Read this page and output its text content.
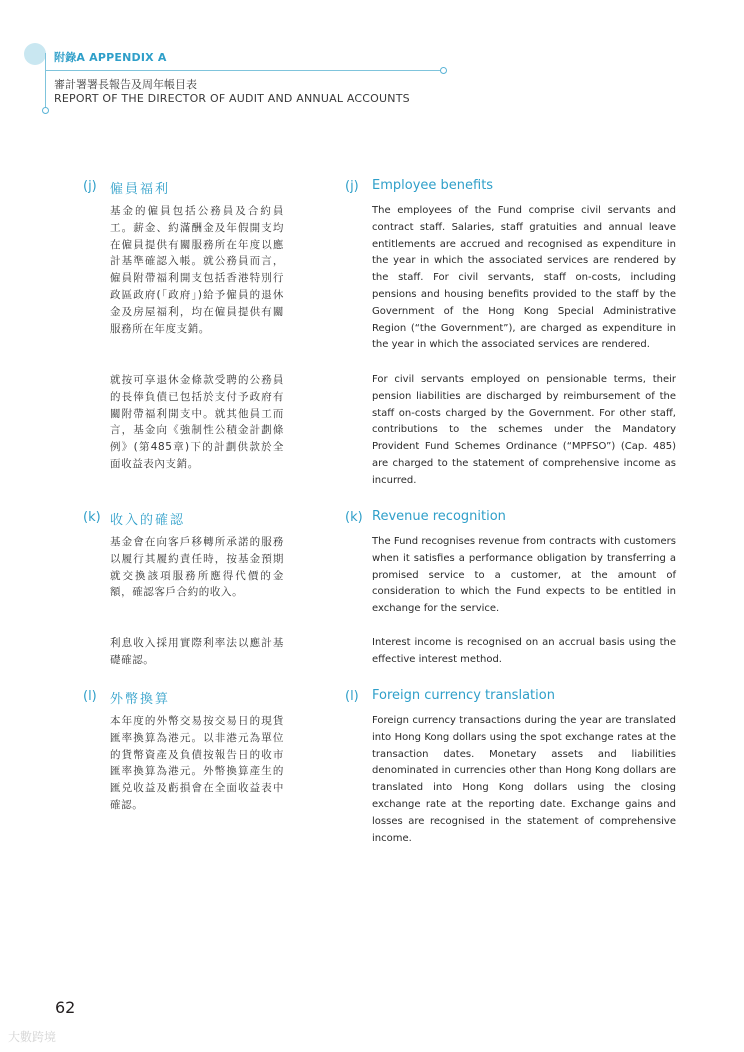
附錄A APPENDIX A
審計署署長報告及周年帳目表
REPORT OF THE DIRECTOR OF AUDIT AND ANNUAL ACCOUNTS
(j) 僱員福利	(j) Employee benefits
基金的僱員包括公務員及合約員工。薪金、約滿酬金及年假開支均在僱員提供有關服務所在年度以應計基準確認入帳。就公務員而言，僱員附帶福利開支包括香港特別行政區政府(「政府」)給予僱員的退休金及房屋福利，均在僱員提供有關服務所在年度支銷。
就按可享退休金條款受聘的公務員的長俸負債已包括於支付予政府有關附帶福利開支中。就其他員工而言，基金向《強制性公積金計劃條例》(第485章)下的計劃供款於全面收益表內支銷。
The employees of the Fund comprise civil servants and contract staff. Salaries, staff gratuities and annual leave entitlements are accrued and recognised as expenditure in the year in which the associated services are rendered by the staff. For civil servants, staff on-costs, including pensions and housing benefits provided to the staff by the Government of the Hong Kong Special Administrative Region (“the Government”), are charged as expenditure in the year in which the associated services are rendered.
For civil servants employed on pensionable terms, their pension liabilities are discharged by reimbursement of the staff on-costs charged by the Government. For other staff, contributions to the schemes under the Mandatory Provident Fund Schemes Ordinance (“MPFSO”) (Cap. 485) are charged to the statement of comprehensive income as incurred.
(k) 收入的確認	(k) Revenue recognition
基金會在向客戶移轉所承諾的服務以履行其履約責任時，按基金預期就交換該項服務所應得代價的金額，確認客戶合約的收入。
利息收入採用實際利率法以應計基礎確認。
The Fund recognises revenue from contracts with customers when it satisfies a performance obligation by transferring a promised service to a customer, at the amount of consideration to which the Fund expects to be entitled in exchange for the service.
Interest income is recognised on an accrual basis using the effective interest method.
(l) 外幣換算	(l) Foreign currency translation
本年度的外幣交易按交易日的現貨匯率換算為港元。以非港元為單位的貨幣資產及負債按報告日的收市匯率換算為港元。外幣換算產生的匯兑收益及虧損會在全面收益表中確認。
Foreign currency transactions during the year are translated into Hong Kong dollars using the spot exchange rates at the transaction dates. Monetary assets and liabilities denominated in currencies other than Hong Kong dollars are translated into Hong Kong dollars using the closing exchange rate at the reporting date. Exchange gains and losses are recognised in the statement of comprehensive income.
62
大數跨境
